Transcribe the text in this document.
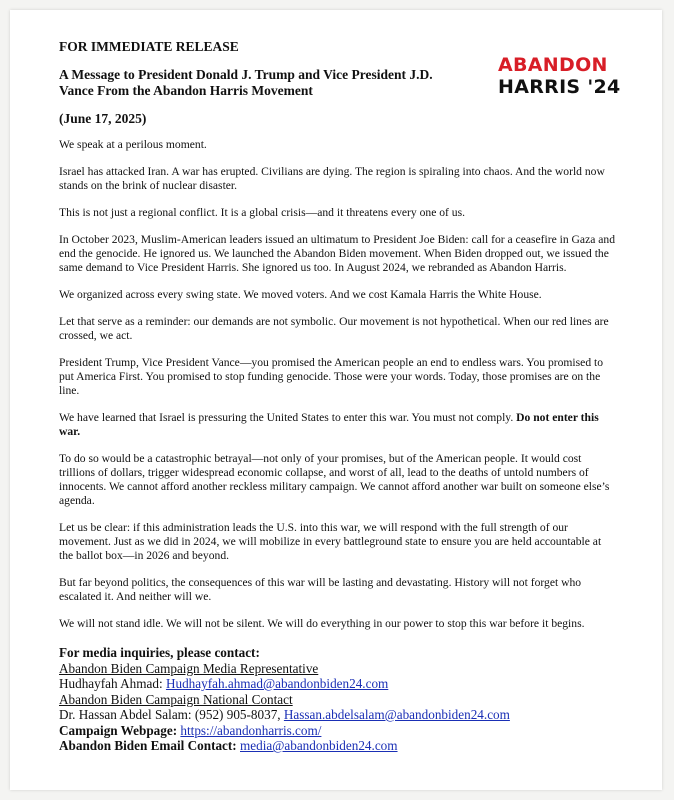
ABANDON
HARRIS '24
FOR IMMEDIATE RELEASE
A Message to President Donald J. Trump and Vice President J.D. Vance From the Abandon Harris Movement
(June 17, 2025)

We speak at a perilous moment.

Israel has attacked Iran. A war has erupted. Civilians are dying. The region is spiraling into chaos. And the world now stands on the brink of nuclear disaster.

This is not just a regional conflict. It is a global crisis—and it threatens every one of us.

In October 2023, Muslim-American leaders issued an ultimatum to President Joe Biden: call for a ceasefire in Gaza and end the genocide. He ignored us. We launched the Abandon Biden movement. When Biden dropped out, we issued the same demand to Vice President Harris. She ignored us too. In August 2024, we rebranded as Abandon Harris.

We organized across every swing state. We moved voters. And we cost Kamala Harris the White House.

Let that serve as a reminder: our demands are not symbolic. Our movement is not hypothetical. When our red lines are crossed, we act.

President Trump, Vice President Vance—you promised the American people an end to endless wars. You promised to put America First. You promised to stop funding genocide. Those were your words. Today, those promises are on the line.

We have learned that Israel is pressuring the United States to enter this war. You must not comply. Do not enter this war.

To do so would be a catastrophic betrayal—not only of your promises, but of the American people. It would cost trillions of dollars, trigger widespread economic collapse, and worst of all, lead to the deaths of untold numbers of innocents. We cannot afford another reckless military campaign. We cannot afford another war built on someone else’s agenda.

Let us be clear: if this administration leads the U.S. into this war, we will respond with the full strength of our movement. Just as we did in 2024, we will mobilize in every battleground state to ensure you are held accountable at the ballot box—in 2026 and beyond.

But far beyond politics, the consequences of this war will be lasting and devastating. History will not forget who escalated it. And neither will we.

We will not stand idle. We will not be silent. We will do everything in our power to stop this war before it begins.

For media inquiries, please contact:
Abandon Biden Campaign Media Representative
Hudhayfah Ahmad: Hudhayfah.ahmad@abandonbiden24.com
Abandon Biden Campaign National Contact
Dr. Hassan Abdel Salam: (952) 905-8037, Hassan.abdelsalam@abandonbiden24.com
Campaign Webpage: https://abandonharris.com/
Abandon Biden Email Contact: media@abandonbiden24.com
